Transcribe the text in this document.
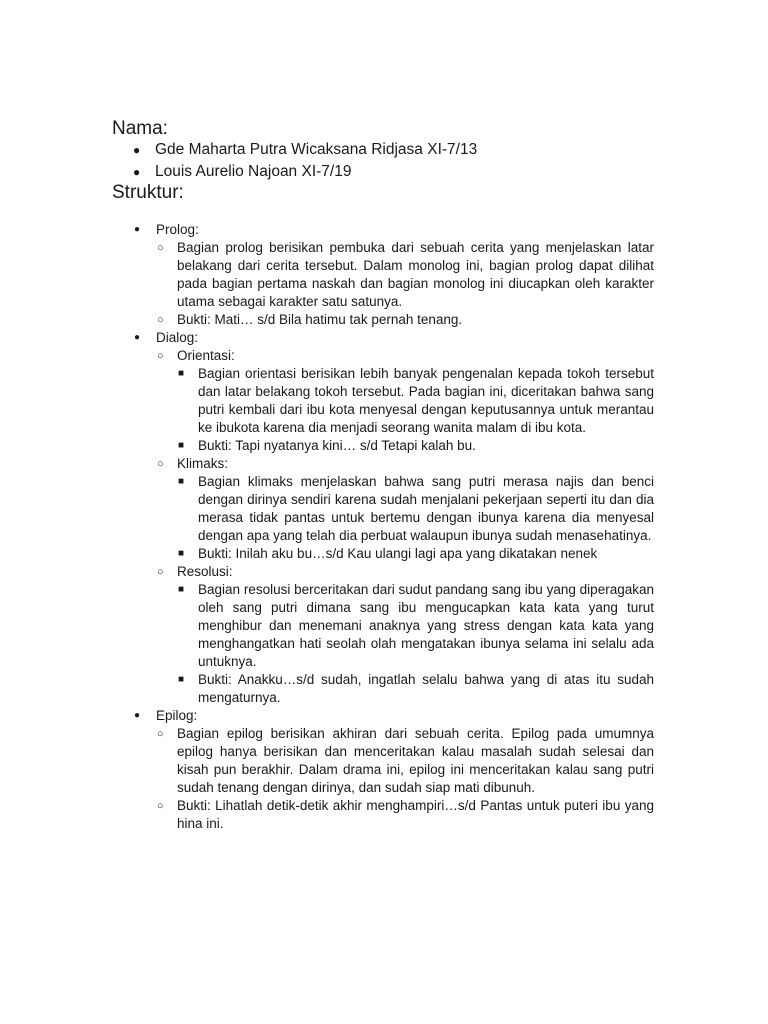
Nama:
● Gde Maharta Putra Wicaksana Ridjasa XI-7/13
● Louis Aurelio Najoan XI-7/19
Struktur:
● Prolog:
○ Bagian prolog berisikan pembuka dari sebuah cerita yang menjelaskan latar belakang dari cerita tersebut. Dalam monolog ini, bagian prolog dapat dilihat pada bagian pertama naskah dan bagian monolog ini diucapkan oleh karakter utama sebagai karakter satu satunya.
○ Bukti: Mati… s/d Bila hatimu tak pernah tenang.
● Dialog:
○ Orientasi:
■ Bagian orientasi berisikan lebih banyak pengenalan kepada tokoh tersebut dan latar belakang tokoh tersebut. Pada bagian ini, diceritakan bahwa sang putri kembali dari ibu kota menyesal dengan keputusannya untuk merantau ke ibukota karena dia menjadi seorang wanita malam di ibu kota.
■ Bukti: Tapi nyatanya kini… s/d Tetapi kalah bu.
○ Klimaks:
■ Bagian klimaks menjelaskan bahwa sang putri merasa najis dan benci dengan dirinya sendiri karena sudah menjalani pekerjaan seperti itu dan dia merasa tidak pantas untuk bertemu dengan ibunya karena dia menyesal dengan apa yang telah dia perbuat walaupun ibunya sudah menasehatinya.
■ Bukti: Inilah aku bu…s/d Kau ulangi lagi apa yang dikatakan nenek
○ Resolusi:
■ Bagian resolusi berceritakan dari sudut pandang sang ibu yang diperagakan oleh sang putri dimana sang ibu mengucapkan kata kata yang turut menghibur dan menemani anaknya yang stress dengan kata kata yang menghangatkan hati seolah olah mengatakan ibunya selama ini selalu ada untuknya.
■ Bukti: Anakku…s/d sudah, ingatlah selalu bahwa yang di atas itu sudah mengaturnya.
● Epilog:
○ Bagian epilog berisikan akhiran dari sebuah cerita. Epilog pada umumnya epilog hanya berisikan dan menceritakan kalau masalah sudah selesai dan kisah pun berakhir. Dalam drama ini, epilog ini menceritakan kalau sang putri sudah tenang dengan dirinya, dan sudah siap mati dibunuh.
○ Bukti: Lihatlah detik-detik akhir menghampiri…s/d Pantas untuk puteri ibu yang hina ini.
